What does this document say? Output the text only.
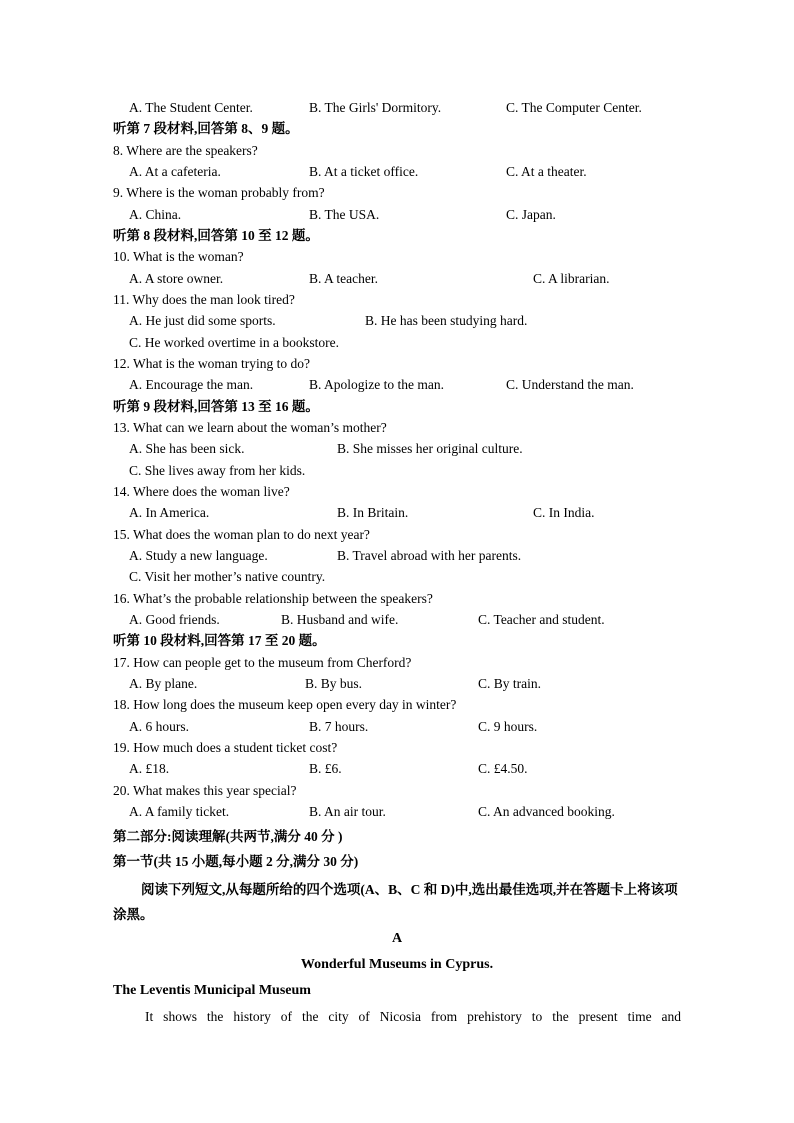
A. The Student Center.	B. The Girls' Dormitory.	C. The Computer Center.
听第 7 段材料,回答第 8、9 题。
8. Where are the speakers?
A. At a cafeteria.	B. At a ticket office.	C. At a theater.
9. Where is the woman probably from?
A. China.	B. The USA.	C. Japan.
听第 8 段材料,回答第 10 至 12 题。
10. What is the woman?
A. A store owner.	B. A teacher.	C. A librarian.
11. Why does the man look tired?
A. He just did some sports.	B. He has been studying hard.
C. He worked overtime in a bookstore.
12. What is the woman trying to do?
A. Encourage the man.	B. Apologize to the man.	C. Understand the man.
听第 9 段材料,回答第 13 至 16 题。
13. What can we learn about the woman’s mother?
A. She has been sick.	B. She misses her original culture.
C. She lives away from her kids.
14. Where does the woman live?
A. In America.	B. In Britain.	C. In India.
15. What does the woman plan to do next year?
A. Study a new language.	B. Travel abroad with her parents.
C. Visit her mother’s native country.
16. What’s the probable relationship between the speakers?
A. Good friends.	B. Husband and wife.	C. Teacher and student.
听第 10 段材料,回答第 17 至 20 题。
17. How can people get to the museum from Cherford?
A. By plane.	B. By bus.	C. By train.
18. How long does the museum keep open every day in winter?
A. 6 hours.	B. 7 hours.	C. 9 hours.
19. How much does a student ticket cost?
A. £18.	B. £6.	C. £4.50.
20. What makes this year special?
A. A family ticket.	B. An air tour.	C. An advanced booking.
第二部分:阅读理解(共两节,满分 40 分 )
第一节(共 15 小题,每小题 2 分,满分 30 分)
阅读下列短文,从每题所给的四个选项(A、B、C 和 D)中,选出最佳选项,并在答题卡上将该项涂黑。
A
Wonderful Museums in Cyprus.
The Leventis Municipal Museum
It shows the history of the city of Nicosia from prehistory to the present time and
